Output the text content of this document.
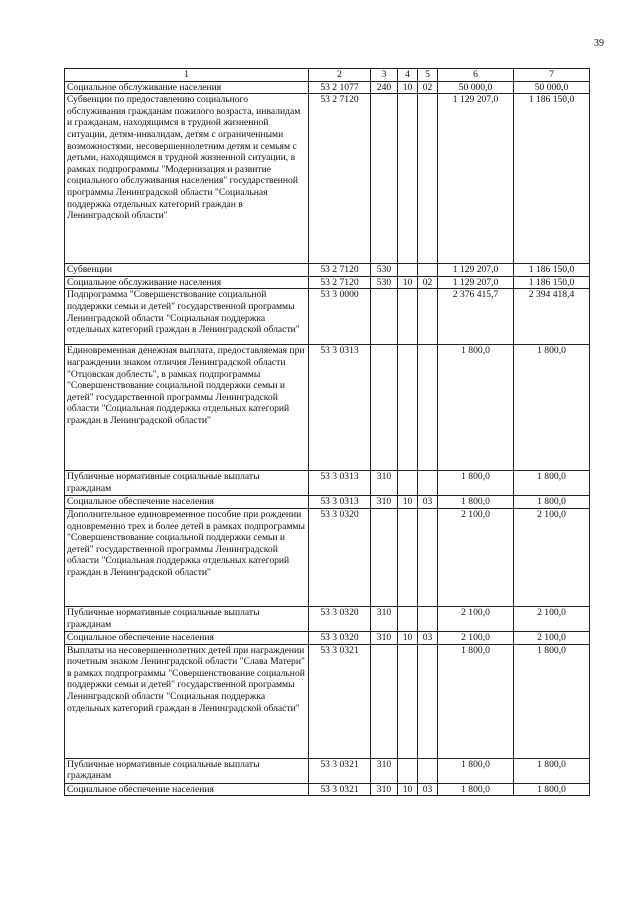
39
1	2	3	4	5	6	7
Социальное обслуживание населения	53 2 1077	240	10	02	50 000,0	50 000,0
Субвенции по предоставлению социального обслуживания гражданам пожилого возраста, инвалидам и гражданам, находящимся в трудной жизненной ситуации, детям-инвалидам, детям с ограниченными возможностями, несовершеннолетним детям и семьям с детьми, находящимся в трудной жизненной ситуации, в рамках подпрограммы "Модернизация и развитие социального обслуживания населения" государственной программы Ленинградской области "Социальная поддержка отдельных категорий граждан в Ленинградской области"	53 2 7120				1 129 207,0	1 186 150,0
Субвенции	53 2 7120	530			1 129 207,0	1 186 150,0
Социальное обслуживание населения	53 2 7120	530	10	02	1 129 207,0	1 186 150,0
Подпрограмма "Совершенствование социальной поддержки семьи и детей" государственной программы Ленинградской области "Социальная поддержка отдельных категорий граждан в Ленинградской области"	53 3 0000				2 376 415,7	2 394 418,4
Единовременная денежная выплата, предоставляемая при награждении знаком отличия Ленинградской области "Отцовская доблесть", в рамках подпрограммы "Совершенствование социальной поддержки семьи и детей" государственной программы Ленинградской области "Социальная поддержка отдельных категорий граждан в Ленинградской области"	53 3 0313				1 800,0	1 800,0
Публичные нормативные социальные выплаты гражданам	53 3 0313	310			1 800,0	1 800,0
Социальное обеспечение населения	53 3 0313	310	10	03	1 800,0	1 800,0
Дополнительное единовременное пособие при рождении одновременно трех и более детей в рамках подпрограммы "Совершенствование социальной поддержки семьи и детей" государственной программы Ленинградской области "Социальная поддержка отдельных категорий граждан в Ленинградской области"	53 3 0320				2 100,0	2 100,0
Публичные нормативные социальные выплаты гражданам	53 3 0320	310			2 100,0	2 100,0
Социальное обеспечение населения	53 3 0320	310	10	03	2 100,0	2 100,0
Выплаты на несовершеннолетних детей при награждении почетным знаком Ленинградской области "Слава Матери" в рамках подпрограммы "Совершенствование социальной поддержки семьи и детей" государственной программы Ленинградской области "Социальная поддержка отдельных категорий граждан в Ленинградской области"	53 3 0321				1 800,0	1 800,0
Публичные нормативные социальные выплаты гражданам	53 3 0321	310			1 800,0	1 800,0
Социальное обеспечение населения	53 3 0321	310	10	03	1 800,0	1 800,0
